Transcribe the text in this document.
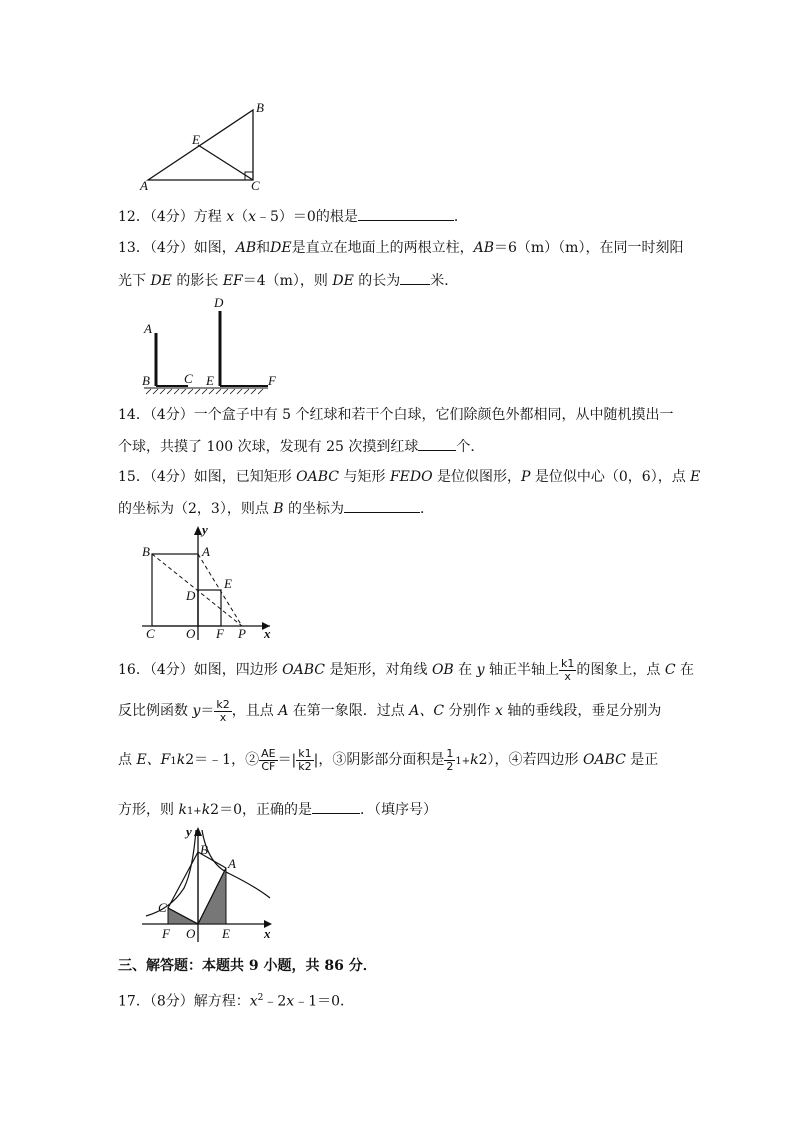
A
B
C
E
12．（4分）方程 x（x﹣5）＝0的根是	．
13．（4分）如图，AB和DE是直立在地面上的两根立柱，AB＝6（m）（m），在同一时刻阳
光下 DE 的影长 EF＝4（m），则 DE 的长为 米．
A
B	C
D
E	F
14．（4分）一个盒子中有 5 个红球和若干个白球，它们除颜色外都相同，从中随机摸出一
个球，共摸了 100 次球，发现有 25 次摸到红球	个．
15．（4分）如图，已知矩形 OABC 与矩形 FEDO 是位似图形，P 是位似中心（0，6），点 E
的坐标为（2，3），则点 B 的坐标为	．
y
B	A
E
D
C O F P x
16．（4分）如图，四边形 OABC 是矩形，对角线 OB 在 y 轴正半轴上 $\frac{k1}{x}$ 的图象上，点 C 在
反比例函数 $y= \frac{k2}{x}$ ，且点 A 在第一象限．过点 A、C 分别作 x 轴的垂线段，垂足分别为
点 E、F1k2＝﹣1，② $\frac{AE}{CF}$ ＝| $\frac{k1}{k2}$ |，③阴影部分面积是 $\frac{1}{2} 1+k2$），④若四边形 OABC 是正
方形，则 k1+k2＝0，正确的是	．（填序号）
y
B
A
C
F O E	x
三、解答题：本题共 9 小题，共 86 分．
17．（8分）解方程：$x^2﹣2x﹣1=0$．
